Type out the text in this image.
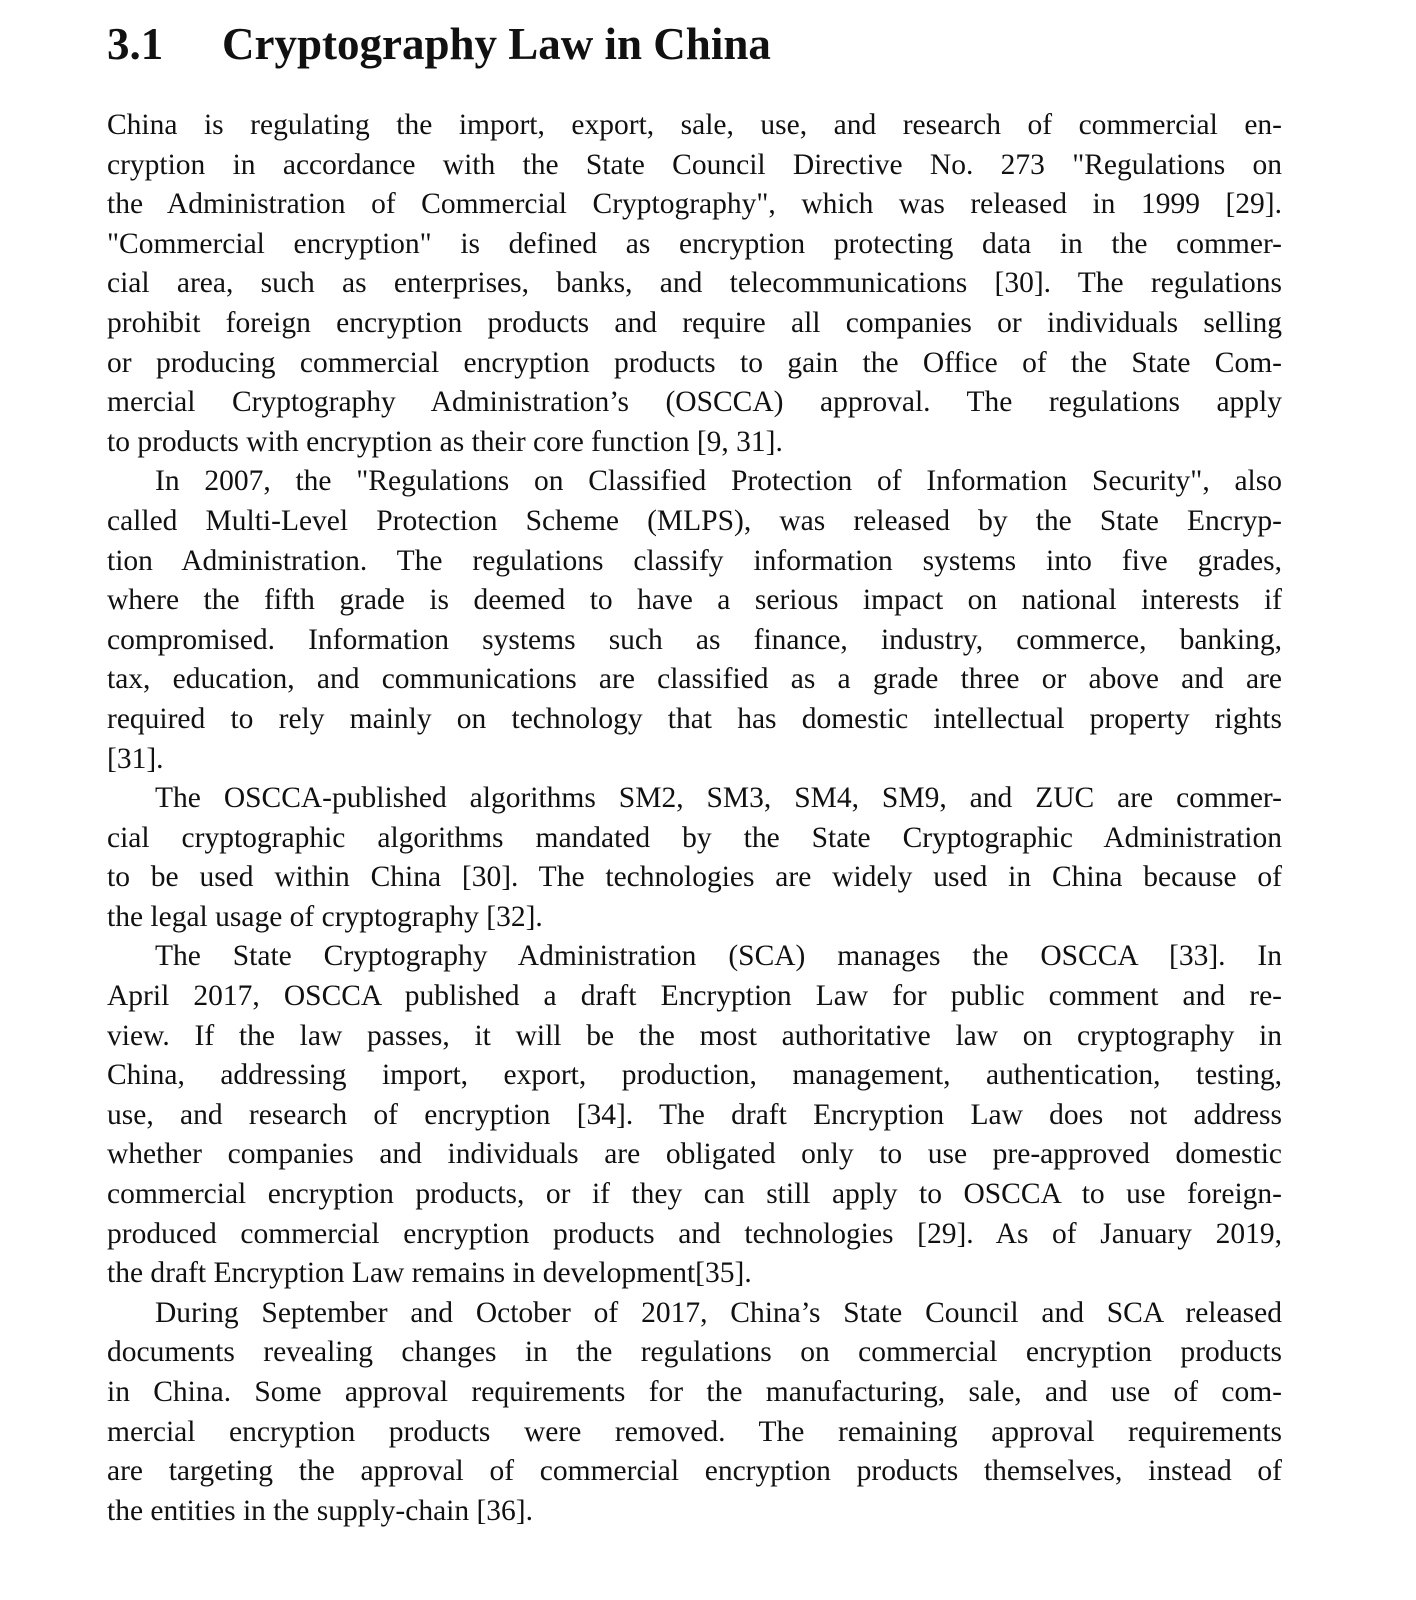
3.1 Cryptography Law in China
China is regulating the import, export, sale, use, and research of commercial en-
cryption in accordance with the State Council Directive No. 273 "Regulations on
the Administration of Commercial Cryptography", which was released in 1999 [29].
"Commercial encryption" is defined as encryption protecting data in the commer-
cial area, such as enterprises, banks, and telecommunications [30]. The regulations
prohibit foreign encryption products and require all companies or individuals selling
or producing commercial encryption products to gain the Office of the State Com-
mercial Cryptography Administration’s (OSCCA) approval. The regulations apply
to products with encryption as their core function [9, 31].
In 2007, the "Regulations on Classified Protection of Information Security", also
called Multi-Level Protection Scheme (MLPS), was released by the State Encryp-
tion Administration. The regulations classify information systems into five grades,
where the fifth grade is deemed to have a serious impact on national interests if
compromised. Information systems such as finance, industry, commerce, banking,
tax, education, and communications are classified as a grade three or above and are
required to rely mainly on technology that has domestic intellectual property rights
[31].
The OSCCA-published algorithms SM2, SM3, SM4, SM9, and ZUC are commer-
cial cryptographic algorithms mandated by the State Cryptographic Administration
to be used within China [30]. The technologies are widely used in China because of
the legal usage of cryptography [32].
The State Cryptography Administration (SCA) manages the OSCCA [33]. In
April 2017, OSCCA published a draft Encryption Law for public comment and re-
view. If the law passes, it will be the most authoritative law on cryptography in
China, addressing import, export, production, management, authentication, testing,
use, and research of encryption [34]. The draft Encryption Law does not address
whether companies and individuals are obligated only to use pre-approved domestic
commercial encryption products, or if they can still apply to OSCCA to use foreign-
produced commercial encryption products and technologies [29]. As of January 2019,
the draft Encryption Law remains in development[35].
During September and October of 2017, China’s State Council and SCA released
documents revealing changes in the regulations on commercial encryption products
in China. Some approval requirements for the manufacturing, sale, and use of com-
mercial encryption products were removed. The remaining approval requirements
are targeting the approval of commercial encryption products themselves, instead of
the entities in the supply-chain [36].
